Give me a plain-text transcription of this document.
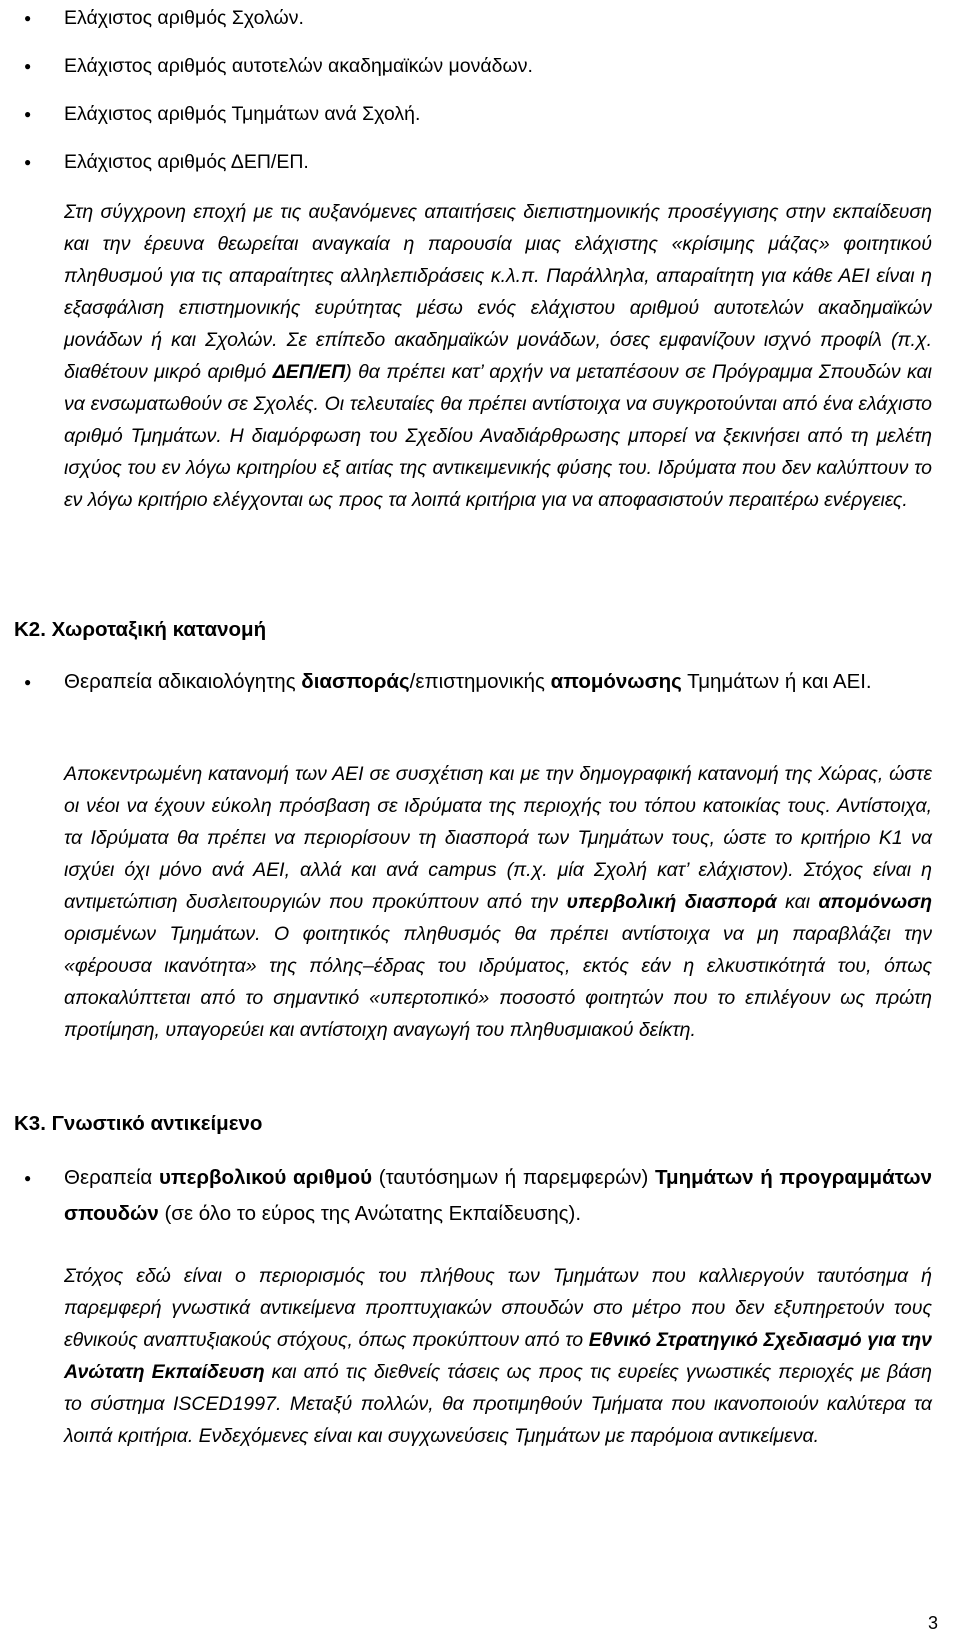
● Ελάχιστος αριθμός Σχολών.
● Ελάχιστος αριθμός αυτοτελών ακαδημαϊκών μονάδων.
● Ελάχιστος αριθμός Τμημάτων ανά Σχολή.
● Ελάχιστος αριθμός ΔΕΠ/ΕΠ.

Στη σύγχρονη εποχή με τις αυξανόμενες απαιτήσεις διεπιστημονικής προσέγγισης στην εκπαίδευση και την έρευνα θεωρείται αναγκαία η παρουσία μιας ελάχιστης «κρίσιμης μάζας» φοιτητικού πληθυσμού για τις απαραίτητες αλληλεπιδράσεις κ.λ.π. Παράλληλα, απαραίτητη για κάθε ΑΕΙ είναι η εξασφάλιση επιστημονικής ευρύτητας μέσω ενός ελάχιστου αριθμού αυτοτελών ακαδημαϊκών μονάδων ή και Σχολών. Σε επίπεδο ακαδημαϊκών μονάδων, όσες εμφανίζουν ισχνό προφίλ (π.χ. διαθέτουν μικρό αριθμό ΔΕΠ/ΕΠ) θα πρέπει κατ’ αρχήν να μεταπέσουν σε Πρόγραμμα Σπουδών και να ενσωματωθούν σε Σχολές. Οι τελευταίες θα πρέπει αντίστοιχα να συγκροτούνται από ένα ελάχιστο αριθμό Τμημάτων. Η διαμόρφωση του Σχεδίου Αναδιάρθρωσης μπορεί να ξεκινήσει από τη μελέτη ισχύος του εν λόγω κριτηρίου εξ αιτίας της αντικειμενικής φύσης του. Ιδρύματα που δεν καλύπτουν το εν λόγω κριτήριο ελέγχονται ως προς τα λοιπά κριτήρια για να αποφασιστούν περαιτέρω ενέργειες.

Κ2. Χωροταξική κατανομή
● Θεραπεία αδικαιολόγητης διασποράς/επιστημονικής απομόνωσης Τμημάτων ή και ΑΕΙ.

Αποκεντρωμένη κατανομή των ΑΕΙ σε συσχέτιση και με την δημογραφική κατανομή της Χώρας, ώστε οι νέοι να έχουν εύκολη πρόσβαση σε ιδρύματα της περιοχής του τόπου κατοικίας τους. Αντίστοιχα, τα Ιδρύματα θα πρέπει να περιορίσουν τη διασπορά των Τμημάτων τους, ώστε το κριτήριο Κ1 να ισχύει όχι μόνο ανά ΑΕΙ, αλλά και ανά campus (π.χ. μία Σχολή κατ’ ελάχιστον). Στόχος είναι η αντιμετώπιση δυσλειτουργιών που προκύπτουν από την υπερβολική διασπορά και απομόνωση ορισμένων Τμημάτων. Ο φοιτητικός πληθυσμός θα πρέπει αντίστοιχα να μη παραβλάζει την «φέρουσα ικανότητα» της πόλης–έδρας του ιδρύματος, εκτός εάν η ελκυστικότητά του, όπως αποκαλύπτεται από το σημαντικό «υπερτοπικό» ποσοστό φοιτητών που το επιλέγουν ως πρώτη προτίμηση, υπαγορεύει και αντίστοιχη αναγωγή του πληθυσμιακού δείκτη.

Κ3. Γνωστικό αντικείμενο
● Θεραπεία υπερβολικού αριθμού (ταυτόσημων ή παρεμφερών) Τμημάτων ή προγραμμάτων σπουδών (σε όλο το εύρος της Ανώτατης Εκπαίδευσης).

Στόχος εδώ είναι ο περιορισμός του πλήθους των Τμημάτων που καλλιεργούν ταυτόσημα ή παρεμφερή γνωστικά αντικείμενα προπτυχιακών σπουδών στο μέτρο που δεν εξυπηρετούν τους εθνικούς αναπτυξιακούς στόχους, όπως προκύπτουν από το Εθνικό Στρατηγικό Σχεδιασμό για την Ανώτατη Εκπαίδευση και από τις διεθνείς τάσεις ως προς τις ευρείες γνωστικές περιοχές με βάση το σύστημα ISCED1997. Μεταξύ πολλών, θα προτιμηθούν Τμήματα που ικανοποιούν καλύτερα τα λοιπά κριτήρια. Ενδεχόμενες είναι και συγχωνεύσεις Τμημάτων με παρόμοια αντικείμενα.

3
